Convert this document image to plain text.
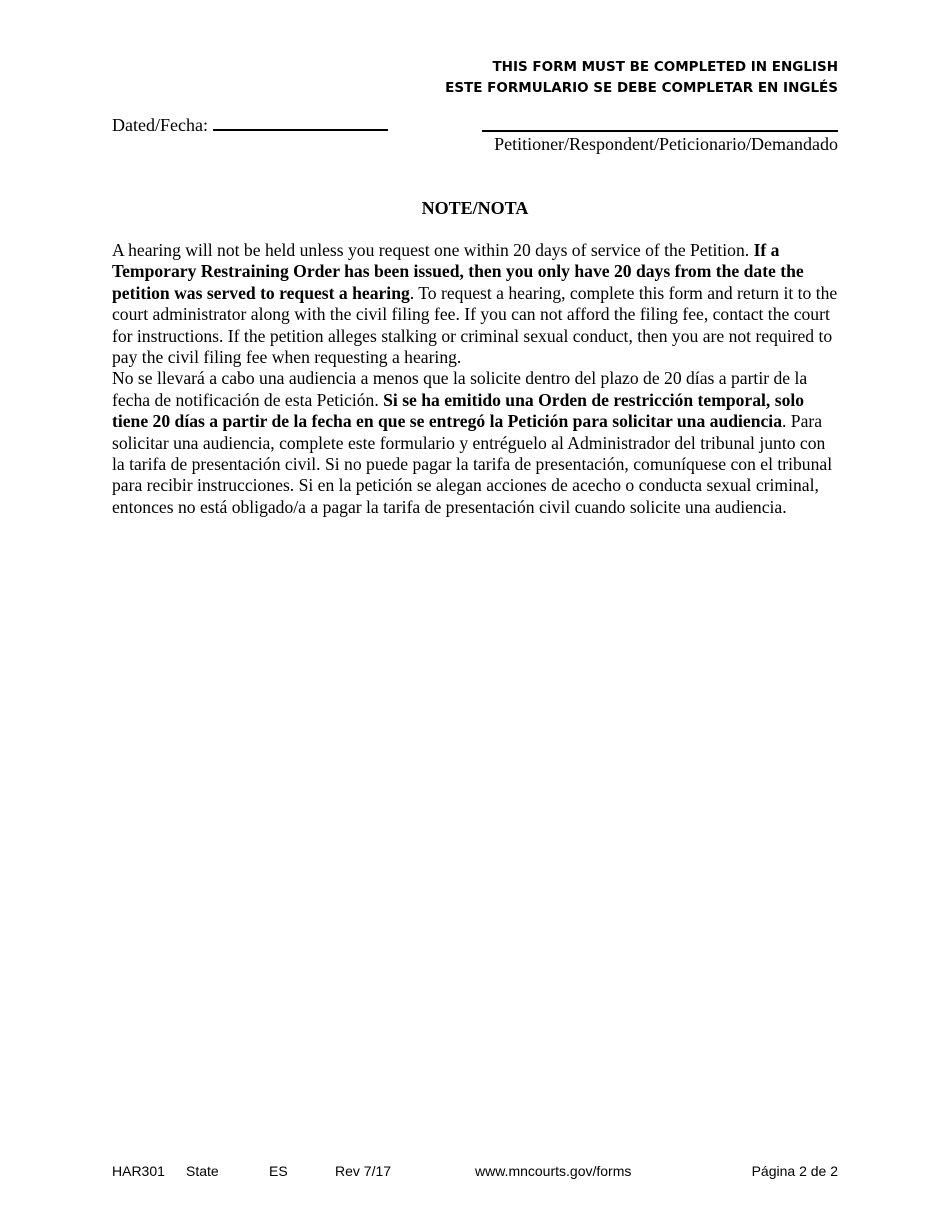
THIS FORM MUST BE COMPLETED IN ENGLISH
ESTE FORMULARIO SE DEBE COMPLETAR EN INGLÉS
Dated/Fecha:
Petitioner/Respondent/Peticionario/Demandado
NOTE/NOTA

A hearing will not be held unless you request one within 20 days of service of the Petition. If a Temporary Restraining Order has been issued, then you only have 20 days from the date the petition was served to request a hearing. To request a hearing, complete this form and return it to the court administrator along with the civil filing fee. If you can not afford the filing fee, contact the court for instructions. If the petition alleges stalking or criminal sexual conduct, then you are not required to pay the civil filing fee when requesting a hearing.

No se llevará a cabo una audiencia a menos que la solicite dentro del plazo de 20 días a partir de la fecha de notificación de esta Petición. Si se ha emitido una Orden de restricción temporal, solo tiene 20 días a partir de la fecha en que se entregó la Petición para solicitar una audiencia. Para solicitar una audiencia, complete este formulario y entréguelo al Administrador del tribunal junto con la tarifa de presentación civil. Si no puede pagar la tarifa de presentación, comuníquese con el tribunal para recibir instrucciones. Si en la petición se alegan acciones de acecho o conducta sexual criminal, entonces no está obligado/a a pagar la tarifa de presentación civil cuando solicite una audiencia.

HAR301 State	ES	Rev 7/17	www.mncourts.gov/forms	Página 2 de 2
